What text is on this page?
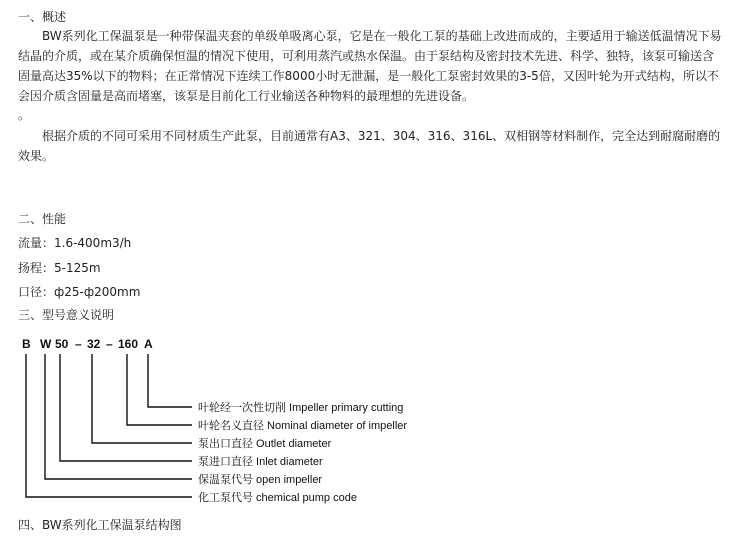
一、概述
BW系列化工保温泵是一种带保温夹套的单级单吸离心泵，它是在一般化工泵的基础上改进而成的，主要适用于输送低温情况下易结晶的介质，或在某介质确保恒温的情况下使用，可利用蒸汽或热水保温。由于泵结构及密封技术先进、科学、独特，该泵可输送含固量高达35%以下的物料；在正常情况下连续工作8000小时无泄漏，是一般化工泵密封效果的3-5倍，又因叶轮为开式结构，所以不会因介质含固量是高而堵塞，该泵是目前化工行业输送各种物料的最理想的先进设备。
。
根据介质的不同可采用不同材质生产此泵，目前通常有A3、321、304、316、316L、双相钢等材料制作，完全达到耐腐耐磨的效果。
二、性能
流量：1.6-400m3/h
扬程：5-125m
口径：ф25-ф200mm
三、型号意义说明
B W 50 – 32 – 160 A
叶轮经一次性切削 Impeller primary cutting
叶轮名义直径 Nominal diameter of impeller
泵出口直径 Outlet diameter
泵进口直径 Inlet diameter
保温泵代号 open impeller
化工泵代号 chemical pump code
四、BW系列化工保温泵结构图
